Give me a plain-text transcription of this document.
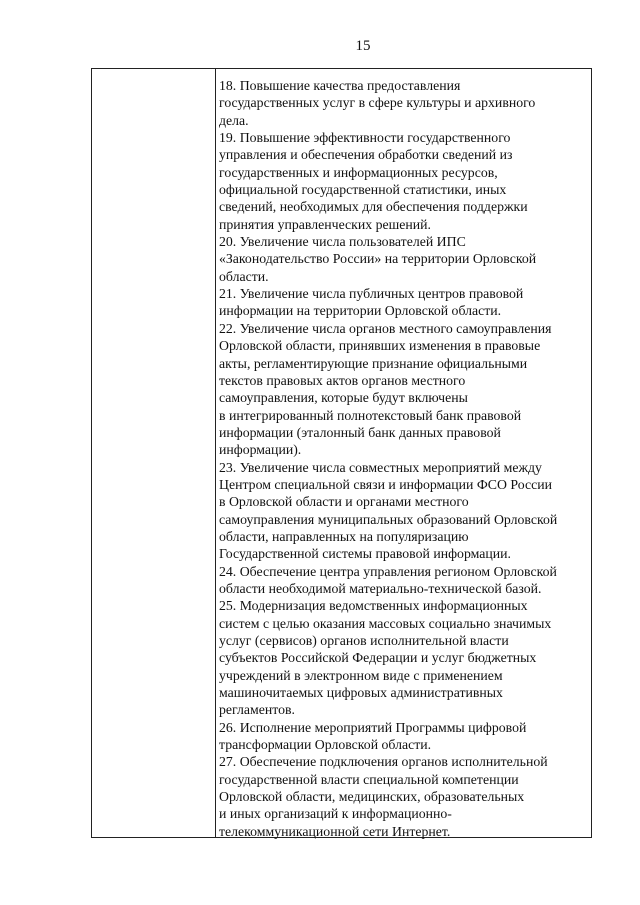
15

18. Повышение качества предоставления
государственных услуг в сфере культуры и архивного
дела.

19. Повышение эффективности государственного
управления и обеспечения обработки сведений из
государственных и информационных ресурсов,
официальной государственной статистики, иных
сведений, необходимых для обеспечения поддержки
принятия управленческих решений.

20. Увеличение числа пользователей ИПС
«Законодательство России» на территории Орловской
области.

21. Увеличение числа публичных центров правовой
информации на территории Орловской области.

22. Увеличение числа органов местного самоуправления
Орловской области, принявших изменения в правовые
акты, регламентирующие признание официальными
текстов правовых актов органов местного
самоуправления, которые будут включены
в интегрированный полнотекстовый банк правовой
информации (эталонный банк данных правовой
информации).

23. Увеличение числа совместных мероприятий между
Центром специальной связи и информации ФСО России
в Орловской области и органами местного
самоуправления муниципальных образований Орловской
области, направленных на популяризацию
Государственной системы правовой информации.

24. Обеспечение центра управления регионом Орловской
области необходимой материально-технической базой.

25. Модернизация ведомственных информационных
систем с целью оказания массовых социально значимых
услуг (сервисов) органов исполнительной власти
субъектов Российской Федерации и услуг бюджетных
учреждений в электронном виде с применением
машиночитаемых цифровых административных
регламентов.

26. Исполнение мероприятий Программы цифровой
трансформации Орловской области.

27. Обеспечение подключения органов исполнительной
государственной власти специальной компетенции
Орловской области, медицинских, образовательных
и иных организаций к информационно-
телекоммуникационной сети Интернет.
